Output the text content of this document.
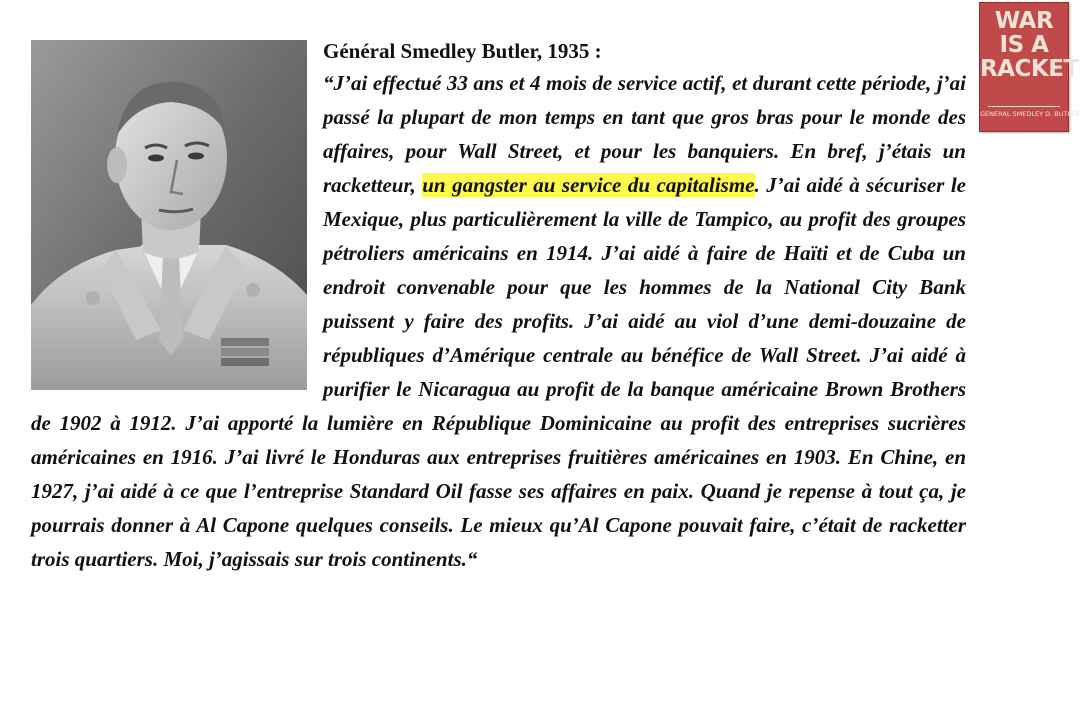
WAR
IS A
RACKET
GENERAL SMEDLEY D. BUTLER

Général Smedley Butler, 1935 :

“J’ai effectué 33 ans et 4 mois de service actif, et durant cette période, j’ai passé la plupart de mon temps en tant que gros bras pour le monde des affaires, pour Wall Street, et pour les banquiers. En bref, j’étais un racketteur, un gangster au service du capitalisme. J’ai aidé à sécuriser le Mexique, plus particulièrement la ville de Tampico, au profit des groupes pétroliers américains en 1914. J’ai aidé à faire de Haïti et de Cuba un endroit convenable pour que les hommes de la National City Bank puissent y faire des profits. J’ai aidé au viol d’une demi-douzaine de républiques d’Amérique centrale au bénéfice de Wall Street. J’ai aidé à purifier le Nicaragua au profit de la banque américaine Brown Brothers de 1902 à 1912. J’ai apporté la lumière en République Dominicaine au profit des entreprises sucrières américaines en 1916. J’ai livré le Honduras aux entreprises fruitières américaines en 1903. En Chine, en 1927, j’ai aidé à ce que l’entreprise Standard Oil fasse ses affaires en paix. Quand je repense à tout ça, je pourrais donner à Al Capone quelques conseils. Le mieux qu’Al Capone pouvait faire, c’était de racketter trois quartiers. Moi, j’agissais sur trois continents.“
